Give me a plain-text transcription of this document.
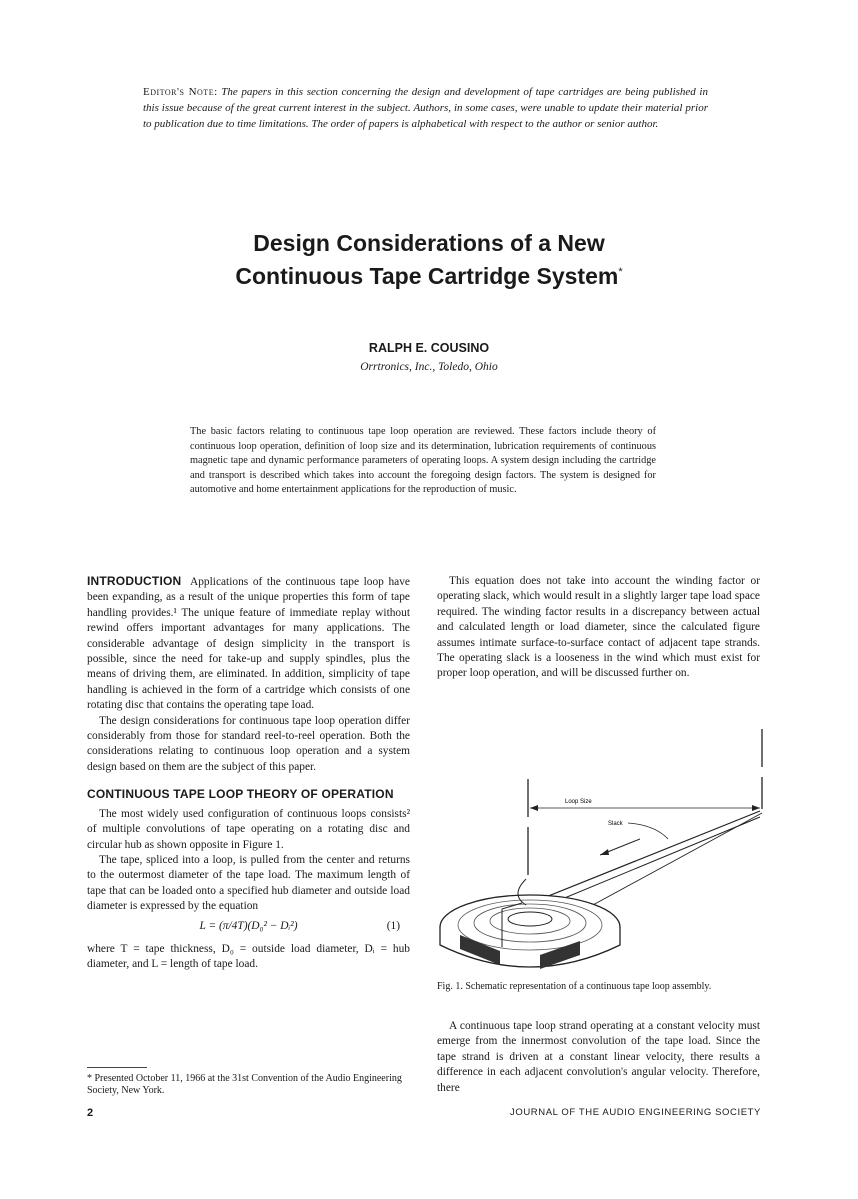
Editor's Note: The papers in this section concerning the design and development of tape cartridges are being published in this issue because of the great current interest in the subject. Authors, in some cases, were unable to update their material prior to publication due to time limitations. The order of papers is alphabetical with respect to the author or senior author.
Design Considerations of a New
Continuous Tape Cartridge System*
RALPH E. COUSINO
Orrtronics, Inc., Toledo, Ohio
The basic factors relating to continuous tape loop operation are reviewed. These factors include theory of continuous loop operation, definition of loop size and its determination, lubrication requirements of continuous magnetic tape and dynamic performance parameters of operating loops. A system design including the cartridge and transport is described which takes into account the foregoing design factors. The system is designed for automotive and home entertainment applications for the reproduction of music.

INTRODUCTION Applications of the continuous tape loop have been expanding, as a result of the unique properties this form of tape handling provides.¹ The unique feature of immediate replay without rewind offers important advantages for many applications. The considerable advantage of design simplicity in the transport is possible, since the need for take-up and supply spindles, plus the means of driving them, are eliminated. In addition, simplicity of tape handling is achieved in the form of a cartridge which consists of one rotating disc that contains the operating tape load.

The design considerations for continuous tape loop operation differ considerably from those for standard reel-to-reel operation. Both the considerations relating to continuous loop operation and a system design based on them are the subject of this paper.

CONTINUOUS TAPE LOOP THEORY OF OPERATION

The most widely used configuration of continuous loops consists² of multiple convolutions of tape operating on a rotating disc and circular hub as shown opposite in Figure 1.

The tape, spliced into a loop, is pulled from the center and returns to the outermost diameter of the tape load. The maximum length of tape that can be loaded onto a specified hub diameter and outside load diameter is expressed by the equation

L = (π/4T)(D₀² − Dᵢ²)	(1)

where T = tape thickness, D₀ = outside load diameter, Dᵢ = hub diameter, and L = length of tape load.

* Presented October 11, 1966 at the 31st Convention of the Audio Engineering Society, New York.

This equation does not take into account the winding factor or operating slack, which would result in a slightly larger tape load space required. The winding factor results in a discrepancy between actual and calculated length or load diameter, since the calculated figure assumes intimate surface-to-surface contact of adjacent tape strands. The operating slack is a looseness in the wind which must exist for proper loop operation, and will be discussed further on.

Loop Size
Slack
Fig. 1. Schematic representation of a continuous tape loop assembly.

A continuous tape loop strand operating at a constant velocity must emerge from the innermost convolution of the tape load. Since the tape strand is driven at a constant linear velocity, there results a difference in each adjacent convolution's angular velocity. Therefore, there

2	JOURNAL OF THE AUDIO ENGINEERING SOCIETY
